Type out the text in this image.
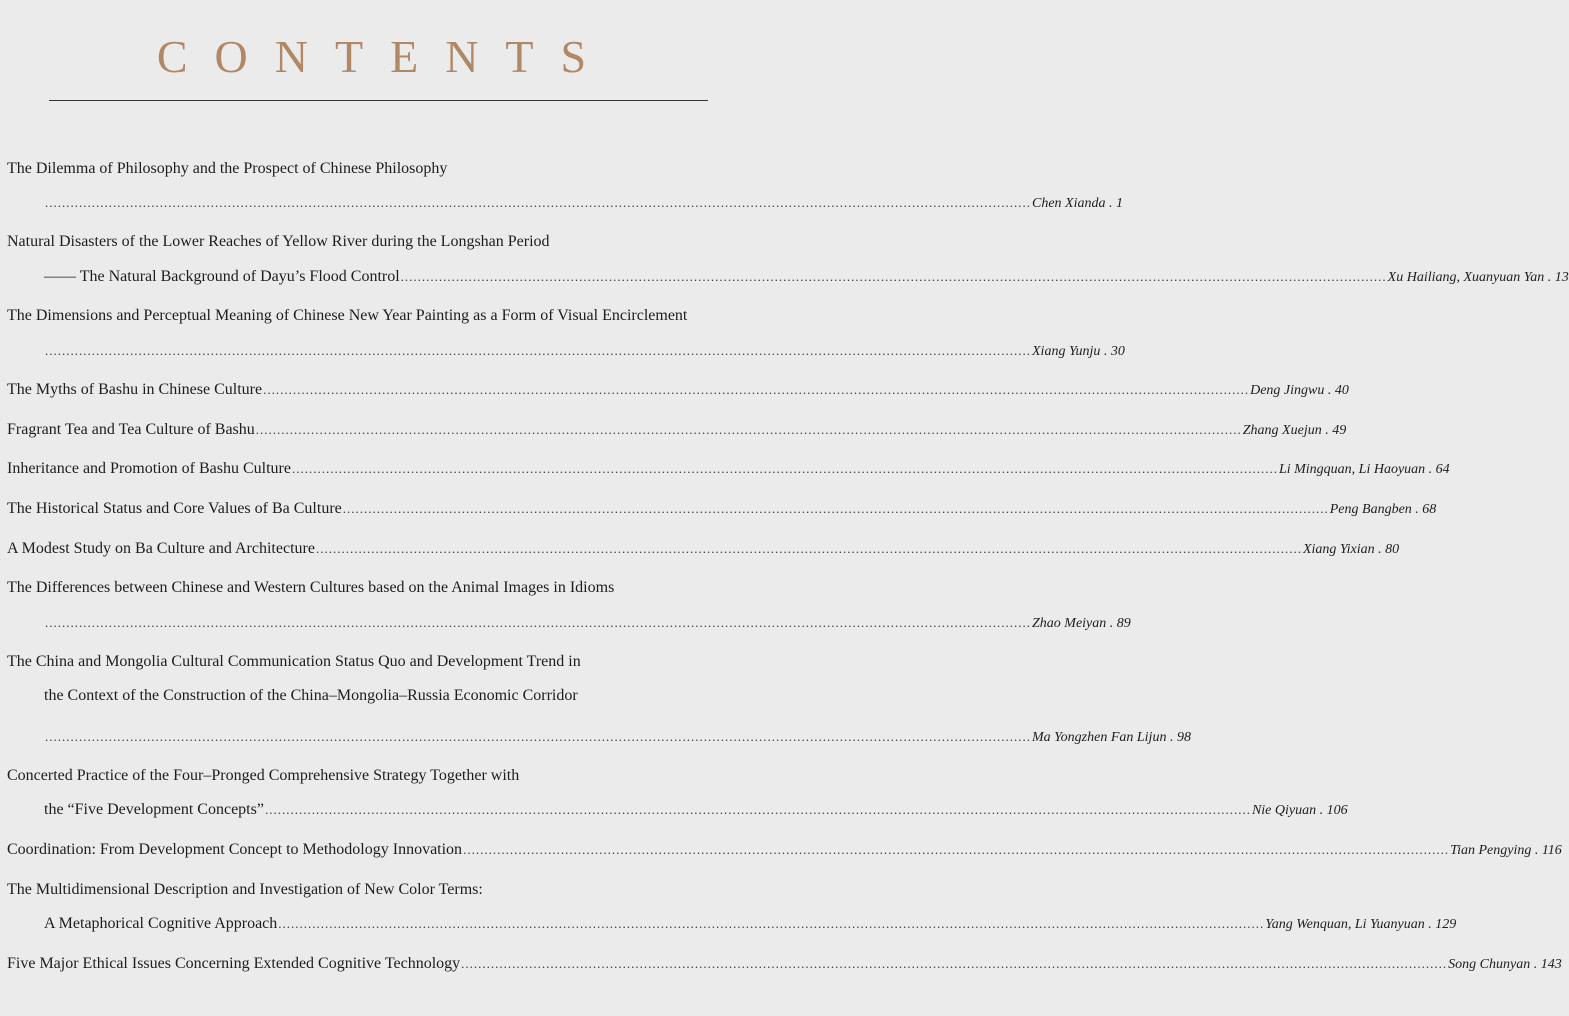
CONTENTS
The Dilemma of Philosophy and the Prospect of Chinese Philosophy
........................................................................................................................................................................................................................................ Chen Xianda . 1
Natural Disasters of the Lower Reaches of Yellow River during the Longshan Period
—— The Natural Background of Dayu’s Flood Control ........................................................................................................................................................................................................................................ Xu Hailiang, Xuanyuan Yan . 13
The Dimensions and Perceptual Meaning of Chinese New Year Painting as a Form of Visual Encirclement
........................................................................................................................................................................................................................................ Xiang Yunju . 30
The Myths of Bashu in Chinese Culture ........................................................................................................................................................................................................................................ Deng Jingwu . 40
Fragrant Tea and Tea Culture of Bashu ........................................................................................................................................................................................................................................ Zhang Xuejun . 49
Inheritance and Promotion of Bashu Culture ........................................................................................................................................................................................................................................ Li Mingquan, Li Haoyuan . 64
The Historical Status and Core Values of Ba Culture ........................................................................................................................................................................................................................................ Peng Bangben . 68
A Modest Study on Ba Culture and Architecture ........................................................................................................................................................................................................................................ Xiang Yixian . 80
The Differences between Chinese and Western Cultures based on the Animal Images in Idioms
........................................................................................................................................................................................................................................ Zhao Meiyan . 89
The China and Mongolia Cultural Communication Status Quo and Development Trend in
the Context of the Construction of the China–Mongolia–Russia Economic Corridor
........................................................................................................................................................................................................................................ Ma Yongzhen Fan Lijun . 98
Concerted Practice of the Four–Pronged Comprehensive Strategy Together with
the “Five Development Concepts” ........................................................................................................................................................................................................................................ Nie Qiyuan . 106
Coordination: From Development Concept to Methodology Innovation ........................................................................................................................................................................................................................................ Tian Pengying . 116
The Multidimensional Description and Investigation of New Color Terms:
A Metaphorical Cognitive Approach ........................................................................................................................................................................................................................................ Yang Wenquan, Li Yuanyuan . 129
Five Major Ethical Issues Concerning Extended Cognitive Technology ........................................................................................................................................................................................................................................ Song Chunyan . 143
